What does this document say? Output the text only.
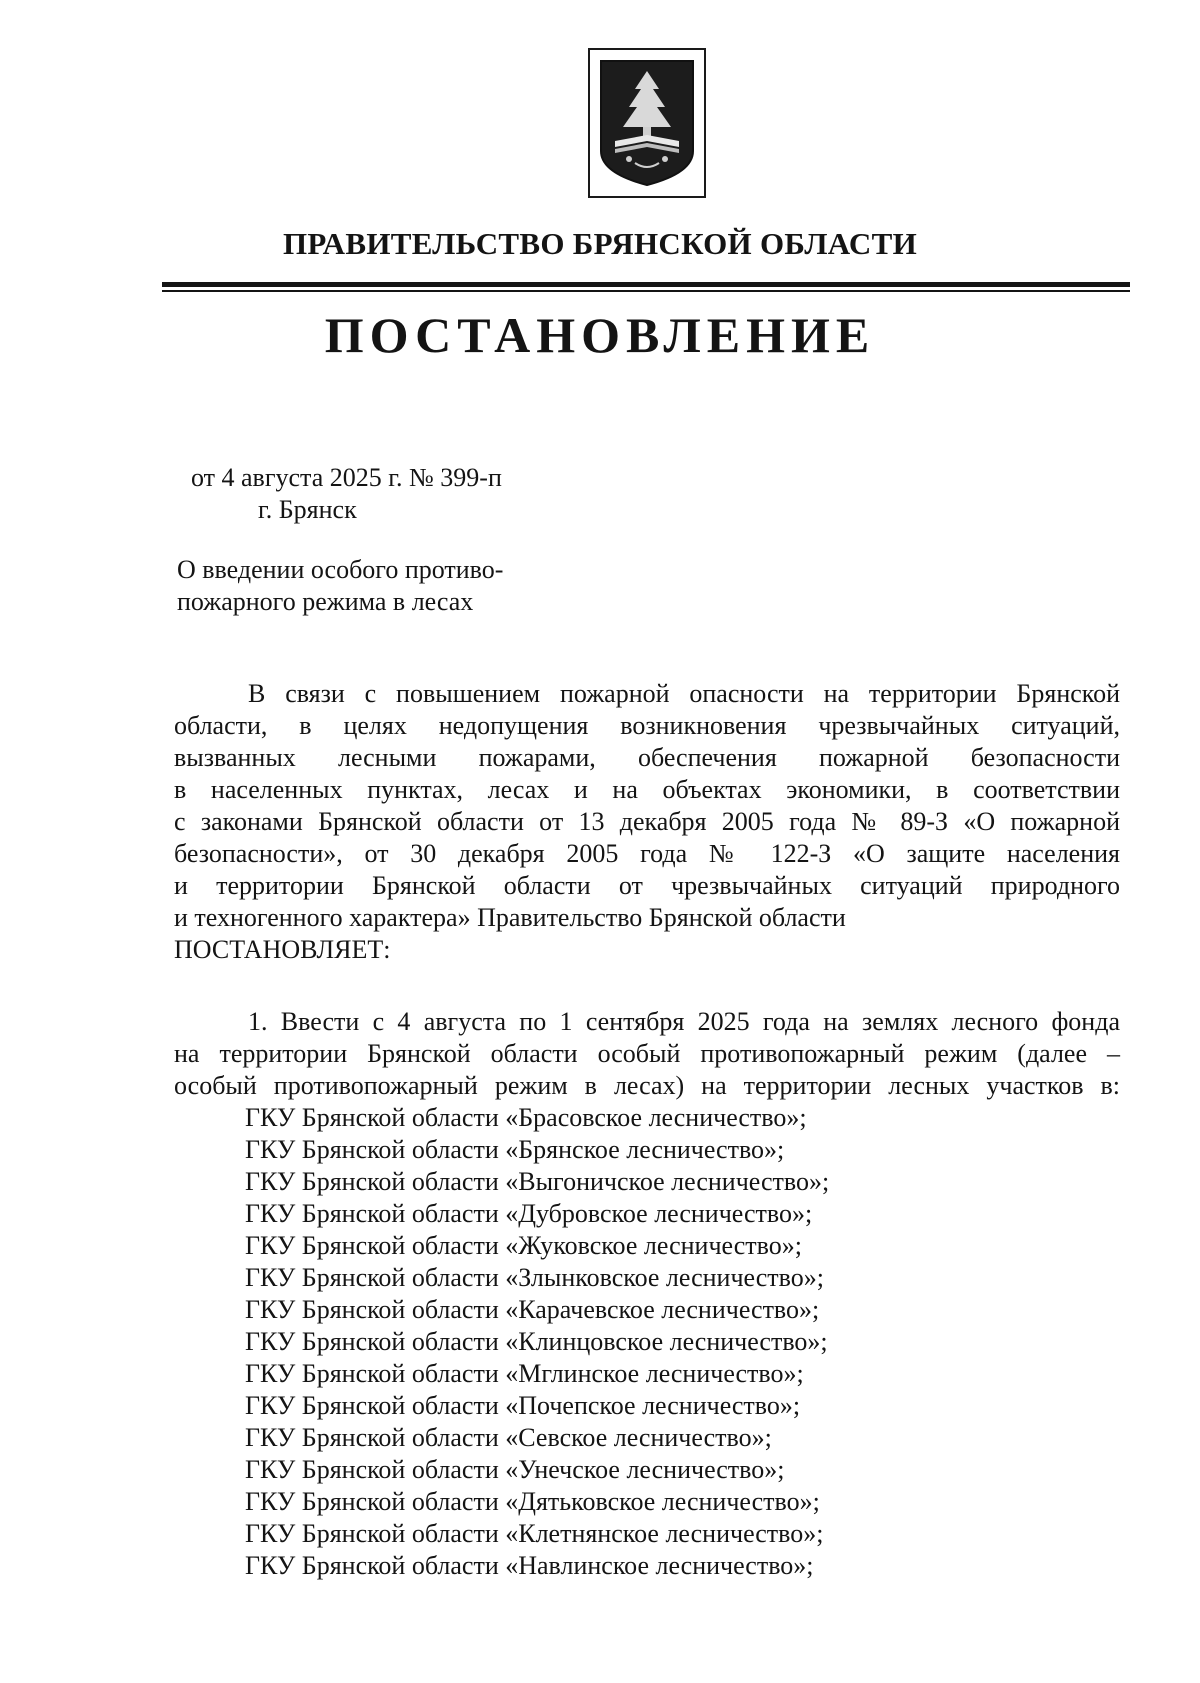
ПРАВИТЕЛЬСТВО БРЯНСКОЙ ОБЛАСТИ
ПОСТАНОВЛЕНИЕ
от 4 августа 2025 г. № 399-п
г. Брянск
О введении особого противо-
пожарного режима в лесах
В связи с повышением пожарной опасности на территории Брянской
области, в целях недопущения возникновения чрезвычайных ситуаций,
вызванных лесными пожарами, обеспечения пожарной безопасности
в населенных пунктах, лесах и на объектах экономики, в соответствии
с законами Брянской области от 13 декабря 2005 года № 89-З «О пожарной
безопасности», от 30 декабря 2005 года № 122-З «О защите населения
и территории Брянской области от чрезвычайных ситуаций природного
и техногенного характера» Правительство Брянской области
ПОСТАНОВЛЯЕТ:
1. Ввести с 4 августа по 1 сентября 2025 года на землях лесного фонда
на территории Брянской области особый противопожарный режим (далее –
особый противопожарный режим в лесах) на территории лесных участков в:
ГКУ Брянской области «Брасовское лесничество»;
ГКУ Брянской области «Брянское лесничество»;
ГКУ Брянской области «Выгоничское лесничество»;
ГКУ Брянской области «Дубровское лесничество»;
ГКУ Брянской области «Жуковское лесничество»;
ГКУ Брянской области «Злынковское лесничество»;
ГКУ Брянской области «Карачевское лесничество»;
ГКУ Брянской области «Клинцовское лесничество»;
ГКУ Брянской области «Мглинское лесничество»;
ГКУ Брянской области «Почепское лесничество»;
ГКУ Брянской области «Севское лесничество»;
ГКУ Брянской области «Унечское лесничество»;
ГКУ Брянской области «Дятьковское лесничество»;
ГКУ Брянской области «Клетнянское лесничество»;
ГКУ Брянской области «Навлинское лесничество»;
